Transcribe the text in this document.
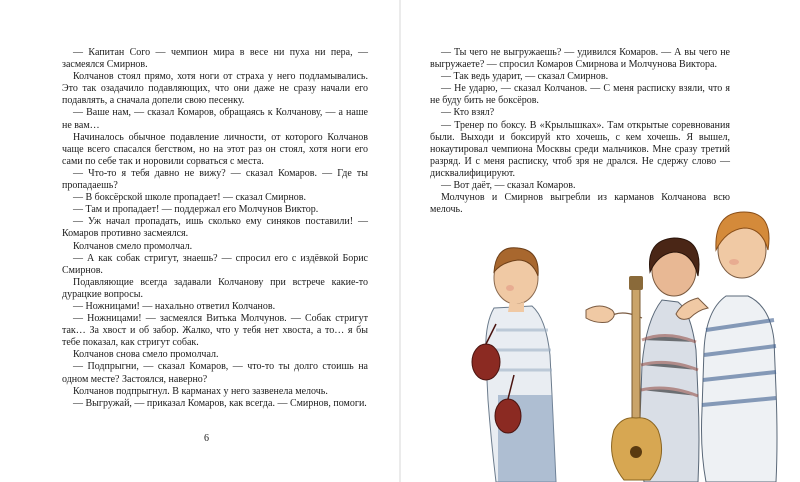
— Капитан Сого — чемпион мира в весе ни пуха ни пера, — засмеялся Смирнов.

Колчанов стоял прямо, хотя ноги от страха у него подламывались. Это так озадачило подавляющих, что они даже не сразу начали его подавлять, а сначала допели свою песенку.

— Ваше нам, — сказал Комаров, обращаясь к Колчанову, — а наше не вам…

Начиналось обычное подавление личности, от которого Колчанов чаще всего спасался бегством, но на этот раз он стоял, хотя ноги его сами по себе так и норовили сорваться с места.

— Что-то я тебя давно не вижу? — сказал Комаров. — Где ты пропадаешь?

— В боксёрской школе пропадает! — сказал Смирнов.

— Там и пропадает! — поддержал его Молчунов Виктор.

— Уж начал пропадать, ишь сколько ему синяков поставили! — Комаров противно засмеялся.

Колчанов смело промолчал.

— А как собак стригут, знаешь? — спросил его с издёвкой Борис Смирнов.

Подавляющие всегда задавали Колчанову при встрече какие-то дурацкие вопросы.

— Ножницами! — нахально ответил Колчанов.

— Ножницами! — засмеялся Витька Молчунов. — Собак стригут так… За хвост и об забор. Жалко, что у тебя нет хвоста, а то… я бы тебе показал, как стригут собак.

Колчанов снова смело промолчал.

— Подпрыгни, — сказал Комаров, — что-то ты долго стоишь на одном месте? Застоялся, наверно?

Колчанов подпрыгнул. В карманах у него зазвенела мелочь.

— Выгружай, — приказал Комаров, как всегда. — Смирнов, помоги.

6

— Ты чего не выгружаешь? — удивился Комаров. — А вы чего не выгружаете? — спросил Комаров Смирнова и Молчунова Виктора.

— Так ведь ударит, — сказал Смирнов.

— Не ударю, — сказал Колчанов. — С меня расписку взяли, что я не буду бить не боксёров.

— Кто взял?

— Тренер по боксу. В «Крылышках». Там открытые соревнования были. Выходи и боксируй кто хочешь, с кем хочешь. Я вышел, нокаутировал чемпиона Москвы среди мальчиков. Мне сразу третий разряд. И с меня расписку, чтоб зря не дрался. Не сдержу слово — дисквалифицируют.

— Вот даёт, — сказал Комаров.

Молчунов и Смирнов выгребли из карманов Колчанова всю мелочь.
